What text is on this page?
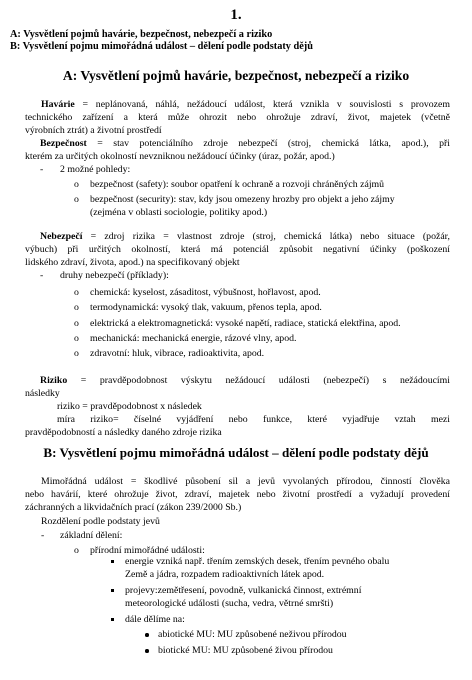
1.
A: Vysvětlení pojmů havárie, bezpečnost, nebezpečí a riziko
B: Vysvětlení pojmu mimořádná událost – dělení podle podstaty dějů
A: Vysvětlení pojmů havárie, bezpečnost, nebezpečí a riziko
Havárie = neplánovaná, náhlá, nežádoucí událost, která vznikla v souvislosti s provozem
technického zařízení a která může ohrozit nebo ohrožuje zdraví, život, majetek (včetně
výrobních ztrát) a životní prostředí
Bezpečnost = stav potenciálního zdroje nebezpečí (stroj, chemická látka, apod.), při
kterém za určitých okolností nevzniknou nežádoucí účinky (úraz, požár, apod.)
- 2 možné pohledy:
o bezpečnost (safety): soubor opatření k ochraně a rozvoji chráněných zájmů
o bezpečnost (security): stav, kdy jsou omezeny hrozby pro objekt a jeho zájmy
(zejména v oblasti sociologie, politiky apod.)
Nebezpečí = zdroj rizika = vlastnost zdroje (stroj, chemická látka) nebo situace (požár,
výbuch) při určitých okolností, která má potenciál způsobit negativní účinky (poškození
lidského zdraví, života, apod.) na specifikovaný objekt
- druhy nebezpečí (příklady):
o chemická: kyselost, zásaditost, výbušnost, hořlavost, apod.
o termodynamická: vysoký tlak, vakuum, přenos tepla, apod.
o elektrická a elektromagnetická: vysoké napětí, radiace, statická elektřina, apod.
o mechanická: mechanická energie, rázové vlny, apod.
o zdravotní: hluk, vibrace, radioaktivita, apod.
Riziko = pravděpodobnost výskytu nežádoucí události (nebezpečí) s nežádoucími
následky
riziko = pravděpodobnost x následek
míra riziko= číselné vyjádření nebo funkce, které vyjadřuje vztah mezi
pravděpodobností a následky daného zdroje rizika
B: Vysvětlení pojmu mimořádná událost – dělení podle podstaty dějů
Mimořádná událost = škodlivé působení sil a jevů vyvolaných přírodou, činností člověka
nebo havárií, které ohrožuje život, zdraví, majetek nebo životní prostředí a vyžadují provedení
záchranných a likvidačních prací (zákon 239/2000 Sb.)
Rozdělení podle podstaty jevů
- základní dělení:
o přírodní mimořádné události:
energie vzniká např. třením zemských desek, třením pevného obalu
Země a jádra, rozpadem radioaktivních látek apod.
projevy:zemětřesení, povodně, vulkanická činnost, extrémní
meteorologické události (sucha, vedra, větrné smršti)
dále dělíme na:
abiotické MU: MU způsobené neživou přírodou
biotické MU: MU způsobené živou přírodou
